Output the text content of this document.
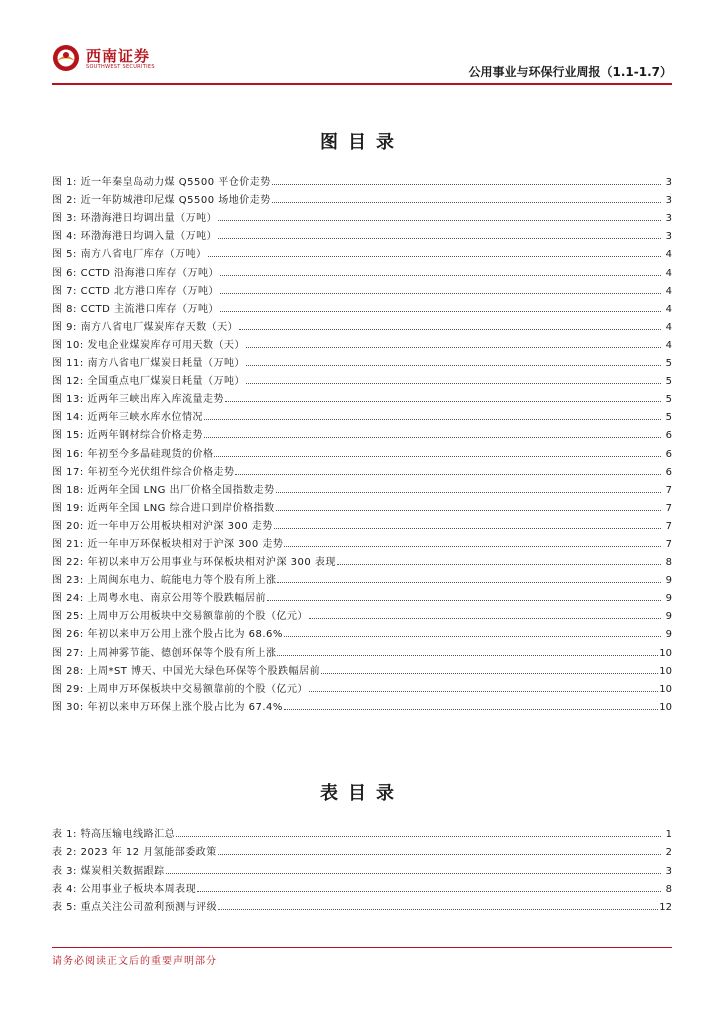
西南证券
SOUTHWEST SECURITIES	公用事业与环保行业周报（1.1-1.7）
图目录
图 1: 近一年秦皇岛动力煤 Q5500 平仓价走势	3
图 2: 近一年防城港印尼煤 Q5500 场地价走势	3
图 3: 环渤海港日均调出量（万吨）	3
图 4: 环渤海港日均调入量（万吨）	3
图 5: 南方八省电厂库存（万吨）	4
图 6: CCTD 沿海港口库存（万吨）	4
图 7: CCTD 北方港口库存（万吨）	4
图 8: CCTD 主流港口库存（万吨）	4
图 9: 南方八省电厂煤炭库存天数（天）	4
图 10: 发电企业煤炭库存可用天数（天）	4
图 11: 南方八省电厂煤炭日耗量（万吨）	5
图 12: 全国重点电厂煤炭日耗量（万吨）	5
图 13: 近两年三峡出库入库流量走势	5
图 14: 近两年三峡水库水位情况	5
图 15: 近两年钢材综合价格走势	6
图 16: 年初至今多晶硅现货的价格	6
图 17: 年初至今光伏组件综合价格走势	6
图 18: 近两年全国 LNG 出厂价格全国指数走势	7
图 19: 近两年全国 LNG 综合进口到岸价格指数	7
图 20: 近一年申万公用板块相对沪深 300 走势	7
图 21: 近一年申万环保板块相对于沪深 300 走势	7
图 22: 年初以来申万公用事业与环保板块相对沪深 300 表现	8
图 23: 上周闽东电力、皖能电力等个股有所上涨	9
图 24: 上周粤水电、南京公用等个股跌幅居前	9
图 25: 上周申万公用板块中交易额靠前的个股（亿元）	9
图 26: 年初以来申万公用上涨个股占比为 68.6%	9
图 27: 上周神雾节能、德创环保等个股有所上涨	10
图 28: 上周*ST 博天、中国光大绿色环保等个股跌幅居前	10
图 29: 上周申万环保板块中交易额靠前的个股（亿元）	10
图 30: 年初以来申万环保上涨个股占比为 67.4%	10
表目录
表 1: 特高压输电线路汇总	1
表 2: 2023 年 12 月氢能部委政策	2
表 3: 煤炭相关数据跟踪	3
表 4: 公用事业子板块本周表现	8
表 5: 重点关注公司盈利预测与评级	12
请务必阅读正文后的重要声明部分
